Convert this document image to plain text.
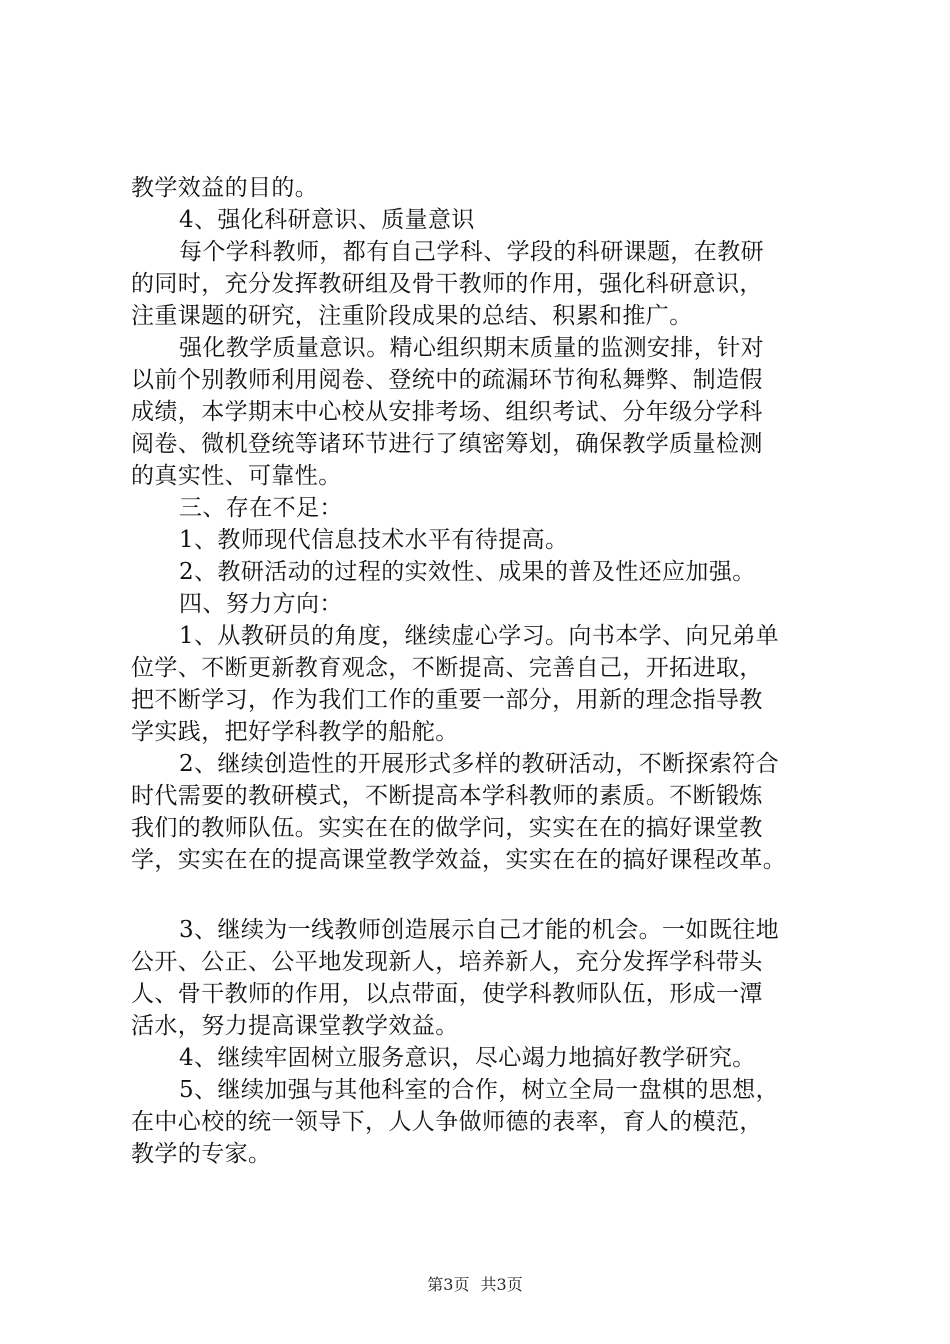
教学效益的目的。
4、强化科研意识、质量意识
每个学科教师，都有自己学科、学段的科研课题，在教研
的同时，充分发挥教研组及骨干教师的作用，强化科研意识，
注重课题的研究，注重阶段成果的总结、积累和推广。
强化教学质量意识。精心组织期末质量的监测安排，针对
以前个别教师利用阅卷、登统中的疏漏环节徇私舞弊、制造假
成绩，本学期末中心校从安排考场、组织考试、分年级分学科
阅卷、微机登统等诸环节进行了缜密筹划，确保教学质量检测
的真实性、可靠性。
三、存在不足：
1、教师现代信息技术水平有待提高。
2、教研活动的过程的实效性、成果的普及性还应加强。
四、努力方向：
1、从教研员的角度，继续虚心学习。向书本学、向兄弟单
位学、不断更新教育观念，不断提高、完善自己，开拓进取，
把不断学习，作为我们工作的重要一部分，用新的理念指导教
学实践，把好学科教学的船舵。
2、继续创造性的开展形式多样的教研活动，不断探索符合
时代需要的教研模式，不断提高本学科教师的素质。不断锻炼
我们的教师队伍。实实在在的做学问，实实在在的搞好课堂教
学，实实在在的提高课堂教学效益，实实在在的搞好课程改革。
3、继续为一线教师创造展示自己才能的机会。一如既往地
公开、公正、公平地发现新人，培养新人，充分发挥学科带头
人、骨干教师的作用，以点带面，使学科教师队伍，形成一潭
活水，努力提高课堂教学效益。
4、继续牢固树立服务意识，尽心竭力地搞好教学研究。
5、继续加强与其他科室的合作，树立全局一盘棋的思想，
在中心校的统一领导下，人人争做师德的表率，育人的模范，
教学的专家。
第3页 共3页
